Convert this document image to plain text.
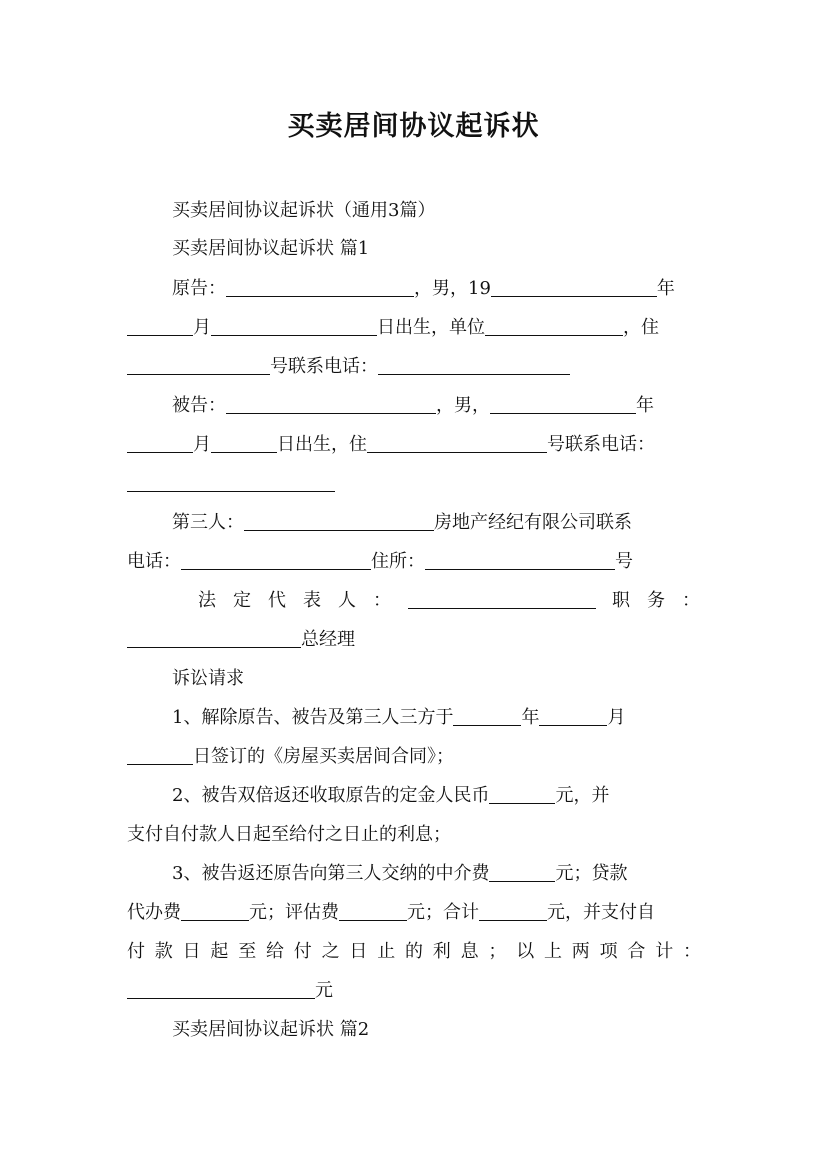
买卖居间协议起诉状

买卖居间协议起诉状（通用3篇）

买卖居间协议起诉状 篇1

原告：	，男，19	年

月	日出生，单位	，住

号联系电话：

被告：	，男，	年

月	日出生，住	号联系电话：

第三人：	房地产经纪有限公司联系

电话：	住所：	号

法定代表人：	职务：

总经理

诉讼请求

1、解除原告、被告及第三人三方于	年	月

日签订的《房屋买卖居间合同》；

2、被告双倍返还收取原告的定金人民币	元，并

支付自付款人日起至给付之日止的利息；

3、被告返还原告向第三人交纳的中介费	元；贷款

代办费	元；评估费	元；合计	元，并支付自

付款日起至给付之日止的利息；以上两项合计：

元

买卖居间协议起诉状 篇2
